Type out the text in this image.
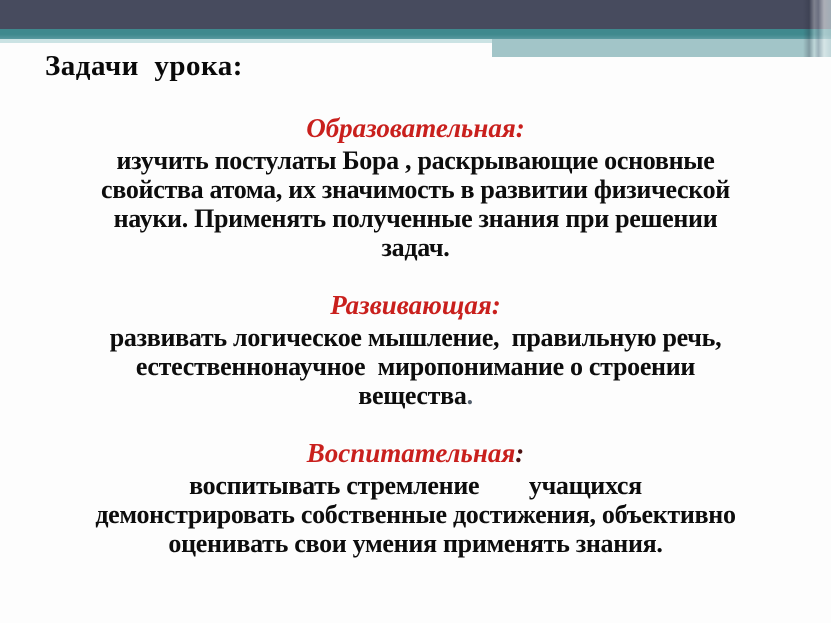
Задачи  урока:
Образовательная:
изучить постулаты Бора , раскрывающие основные
свойства атома, их значимость в развитии физической
науки. Применять полученные знания при решении
задач.
Развивающая:
развивать логическое мышление,  правильную речь,
естественнонаучное  миропонимание о строении
вещества.
Воспитательная:
воспитывать стремление        учащихся
демонстрировать собственные достижения, объективно
оценивать свои умения применять знания.
